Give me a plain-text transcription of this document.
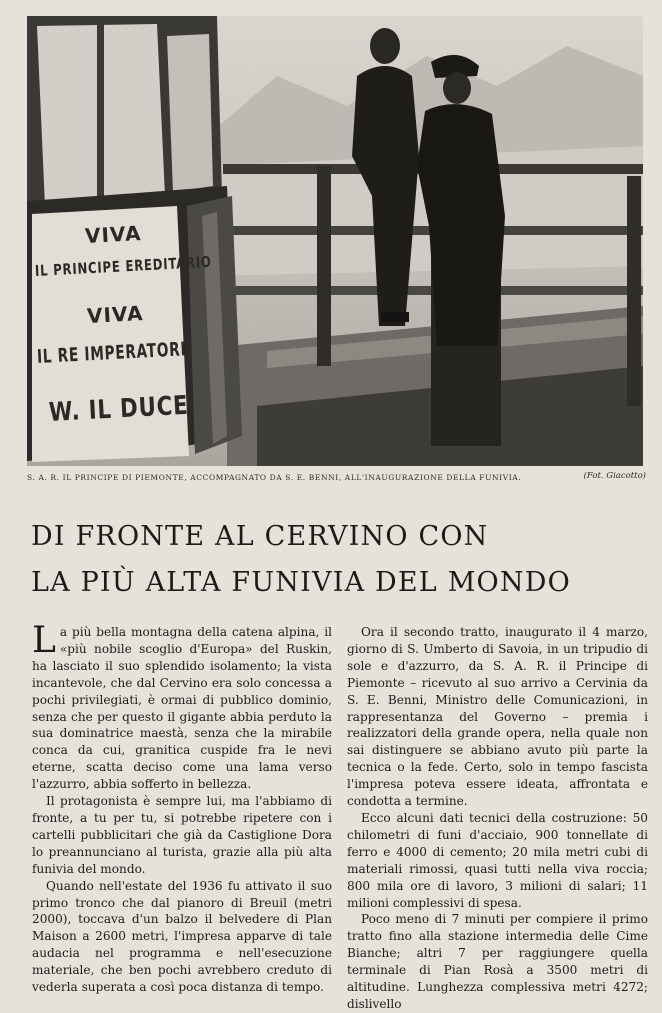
VIVA
IL PRINCIPE EREDITARIO
VIVA
IL RE IMPERATORE
W. IL DUCE
S. A. R. IL PRINCIPE DI PIEMONTE, ACCOMPAGNATO DA S. E. BENNI, ALL'INAUGURAZIONE DELLA FUNIVIA.	(Fot. Giacotto)
DI FRONTE AL CERVINO CON
LA PIÙ ALTA FUNIVIA DEL MONDO

La più bella montagna della catena alpina, il «più nobile scoglio d'Europa» del Ruskin, ha lasciato il suo splendido isolamento; la vista incantevole, che dal Cervino era solo concessa a pochi privilegiati, è ormai di pubblico dominio, senza che per questo il gigante abbia perduto la sua dominatrice maestà, senza che la mirabile conca da cui, granitica cuspide fra le nevi eterne, scatta deciso come una lama verso l'azzurro, abbia sofferto in bellezza.

Il protagonista è sempre lui, ma l'abbiamo di fronte, a tu per tu, si potrebbe ripetere con i cartelli pubblicitari che già da Castiglione Dora lo preannunciano al turista, grazie alla più alta funivia del mondo.

Quando nell'estate del 1936 fu attivato il suo primo tronco che dal pianoro di Breuil (metri 2000), toccava d'un balzo il belvedere di Plan Maison a 2600 metri, l'impresa apparve di tale audacia nel programma e nell'esecuzione materiale, che ben pochi avrebbero creduto di vederla superata a così poca distanza di tempo.

Ora il secondo tratto, inaugurato il 4 marzo, giorno di S. Umberto di Savoia, in un tripudio di sole e d'azzurro, da S. A. R. il Principe di Piemonte – ricevuto al suo arrivo a Cervinia da S. E. Benni, Ministro delle Comunicazioni, in rappresentanza del Governo – premia i realizzatori della grande opera, nella quale non sai distinguere se abbiano avuto più parte la tecnica o la fede. Certo, solo in tempo fascista l'impresa poteva essere ideata, affrontata e condotta a termine.

Ecco alcuni dati tecnici della costruzione: 50 chilometri di funi d'acciaio, 900 tonnellate di ferro e 4000 di cemento; 20 mila metri cubi di materiali rimossi, quasi tutti nella viva roccia; 800 mila ore di lavoro, 3 milioni di salari; 11 milioni complessivi di spesa.

Poco meno di 7 minuti per compiere il primo tratto fino alla stazione intermedia delle Cime Bianche; altri 7 per raggiungere quella terminale di Pian Rosà a 3500 metri di altitudine. Lunghezza complessiva metri 4272; dislivello
